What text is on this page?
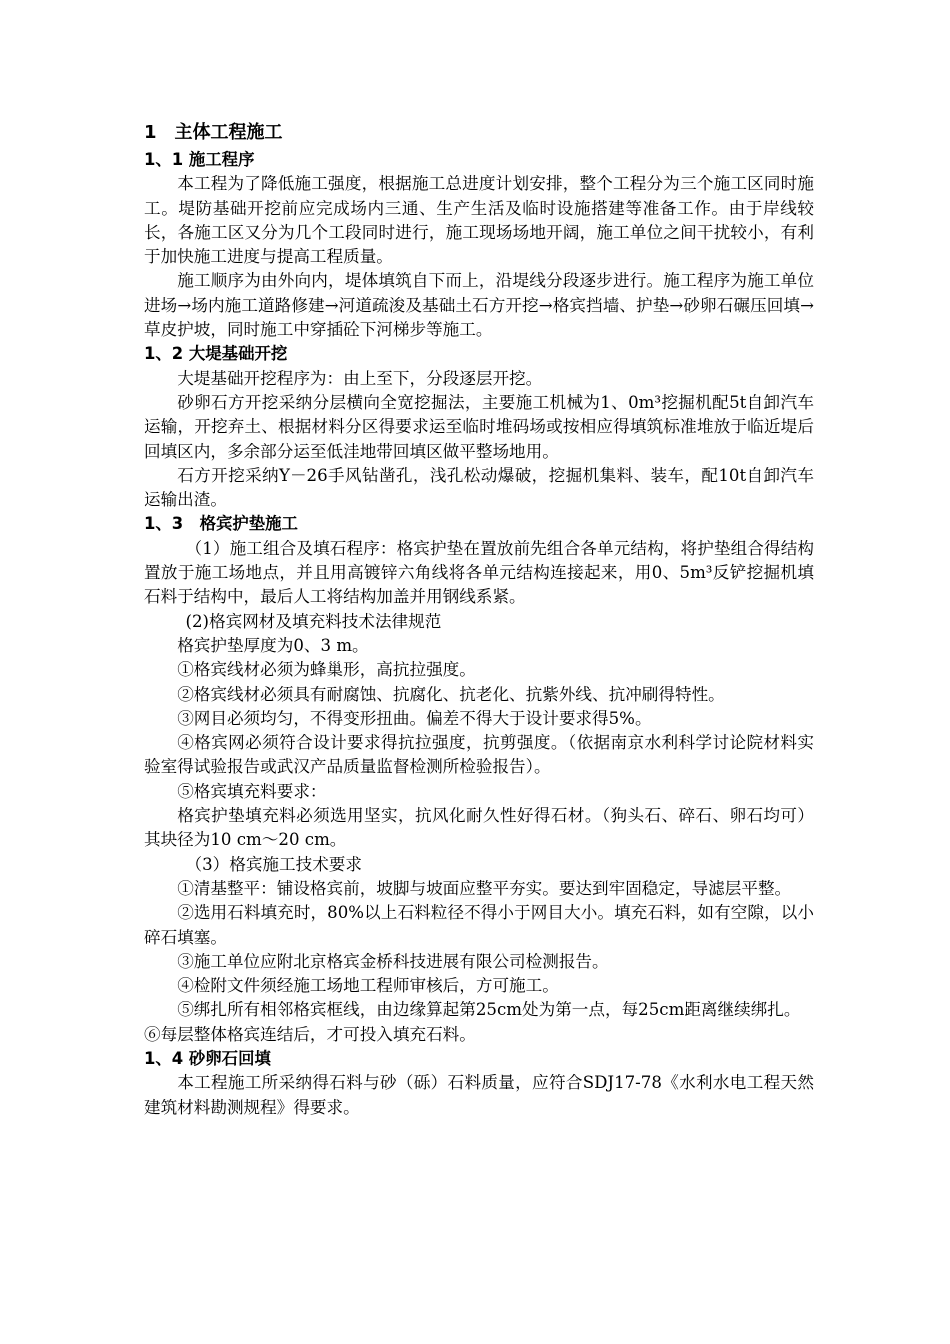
1　主体工程施工
1、1 施工程序

本工程为了降低施工强度，根据施工总进度计划安排，整个工程分为三个施工区同时施工。堤防基础开挖前应完成场内三通、生产生活及临时设施搭建等准备工作。由于岸线较长，各施工区又分为几个工段同时进行，施工现场场地开阔，施工单位之间干扰较小，有利于加快施工进度与提高工程质量。

施工顺序为由外向内，堤体填筑自下而上，沿堤线分段逐步进行。施工程序为施工单位进场→场内施工道路修建→河道疏浚及基础土石方开挖→格宾挡墙、护垫→砂卵石碾压回填→草皮护坡，同时施工中穿插砼下河梯步等施工。

1、2 大堤基础开挖

大堤基础开挖程序为：由上至下，分段逐层开挖。

砂卵石方开挖采纳分层横向全宽挖掘法，主要施工机械为1、0m³挖掘机配5t自卸汽车运输，开挖弃土、根据材料分区得要求运至临时堆码场或按相应得填筑标准堆放于临近堤后回填区内，多余部分运至低洼地带回填区做平整场地用。

石方开挖采纳Y－26手风钻凿孔，浅孔松动爆破，挖掘机集料、装车，配10t自卸汽车运输出渣。

1、3　格宾护垫施工

（1）施工组合及填石程序：格宾护垫在置放前先组合各单元结构，将护垫组合得结构置放于施工场地点，并且用高镀锌六角线将各单元结构连接起来，用0、5m³反铲挖掘机填石料于结构中，最后人工将结构加盖并用钢线系紧。

(2)格宾网材及填充料技术法律规范

格宾护垫厚度为0、3 m。

①格宾线材必须为蜂巢形，高抗拉强度。

②格宾线材必须具有耐腐蚀、抗腐化、抗老化、抗紫外线、抗冲刷得特性。

③网目必须均匀，不得变形扭曲。偏差不得大于设计要求得5%。

④格宾网必须符合设计要求得抗拉强度，抗剪强度。（依据南京水利科学讨论院材料实验室得试验报告或武汉产品质量监督检测所检验报告）。

⑤格宾填充料要求：

格宾护垫填充料必须选用坚实，抗风化耐久性好得石材。（狗头石、碎石、卵石均可）其块径为10 cm～20 cm。

（3）格宾施工技术要求

①清基整平：铺设格宾前，坡脚与坡面应整平夯实。要达到牢固稳定，导滤层平整。

②选用石料填充时，80%以上石料粒径不得小于网目大小。填充石料，如有空隙，以小碎石填塞。

③施工单位应附北京格宾金桥科技进展有限公司检测报告。

④检附文件须经施工场地工程师审核后，方可施工。

⑤绑扎所有相邻格宾框线，由边缘算起第25cm处为第一点，每25cm距离继续绑扎。

⑥每层整体格宾连结后，才可投入填充石料。

1、4 砂卵石回填

本工程施工所采纳得石料与砂（砾）石料质量，应符合SDJ17-78《水利水电工程天然建筑材料勘测规程》得要求。
